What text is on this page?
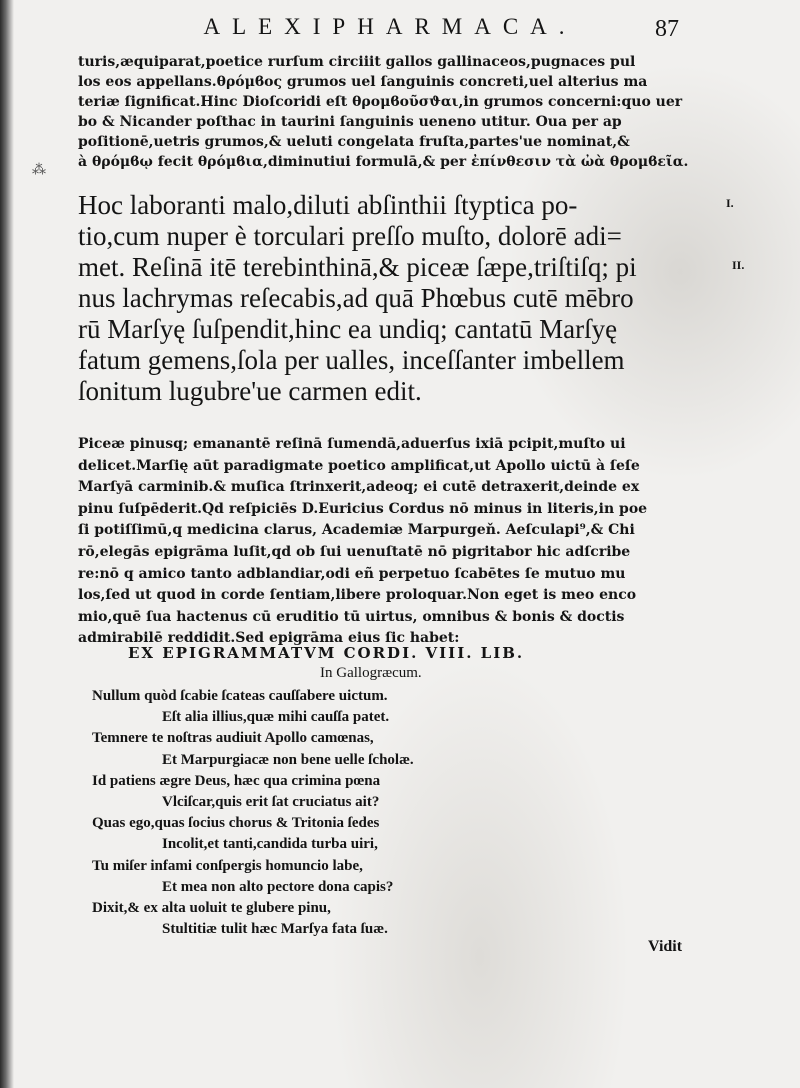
ALEXIPHARMACA.	87
turis,æquiparat,poetice rurſum circiiit gallos gallinaceos,pugnaces pul
los eos appellans.θρόμϐος grumos uel ſanguinis concreti,uel alterius ma
teriæ ſignificat.Hinc Dioſcoridi eſt θρομϐοῦσϑαι,in grumos concerni:quo uer
bo & Nicander poſthac in taurini ſanguinis ueneno utitur. Oua per ap
poſitionē,uetris grumos,& ueluti congelata fruſta,partes'ue nominat,&
à θρόμϐῳ fecit θρόμϐια,diminutiui formulā,& per ἐπίνθεσιν τὰ ὠὰ θρομϐεῖα.
Hoc laboranti malo,diluti abſinthii ſtyptica po-
tio,cum nuper è torculari preſſo muſto, dolorē adi=
met. Reſinā itē terebinthinā,& piceæ ſæpe,triſtiſq; pi
nus lachrymas reſecabis,ad quā Phœbus cutē mēbro
rū Marſyę ſuſpendit,hinc ea undiq; cantatū Marſyę
fatum gemens,ſola per ualles, inceſſanter imbellem
ſonitum lugubre'ue carmen edit.
Piceæ pinusq; emanantē reſinā ſumendā,aduerſus ixiā pcipit,muſto ui
delicet.Marſię aūt paradigmate poetico amplificat,ut Apollo uictū à ſeſe
Marſyā carminib.& muſica ſtrinxerit,adeoq; ei cutē detraxerit,deinde ex
pinu ſuſpēderit.Qd reſpiciēs D.Euricius Cordus nō minus in literis,in poe
ſi potiſſimū,q medicina clarus, Academiæ Marpurgeň. Aeſculapi⁹,& Chi
rō,elegās epigrāma luſit,qd ob ſui uenuſtatē nō pigritabor hic adſcribe
re:nō q amico tanto adblandiar,odi eñ perpetuo ſcabētes ſe mutuo mu
los,ſed ut quod in corde ſentiam,libere proloquar.Non eget is meo enco
mio,quē ſua hactenus cū eruditio tū uirtus, omnibus & bonis & doctis
admirabilē reddidit.Sed epigrāma eius ſic habet:
EX EPIGRAMMATVM CORDI. VIII. LIB.
In Gallogræcum.
Nullum quòd ſcabie ſcateas cauſſabere uictum.
Eſt alia illius,quæ mihi cauſſa patet.
Temnere te noſtras audiuit Apollo camœnas,
Et Marpurgiacæ non bene uelle ſcholæ.
Id patiens ægre Deus, hæc qua crimina pœna
Vlciſcar,quis erit ſat cruciatus ait?
Quas ego,quas ſocius chorus & Tritonia ſedes
Incolit,et tanti,candida turba uiri,
Tu miſer infami conſpergis homuncio labe,
Et mea non alto pectore dona capis?
Dixit,& ex alta uoluit te glubere pinu,
Stultitiæ tulit hæc Marſya fata ſuæ.
Vidit
I.
II.
⁂
